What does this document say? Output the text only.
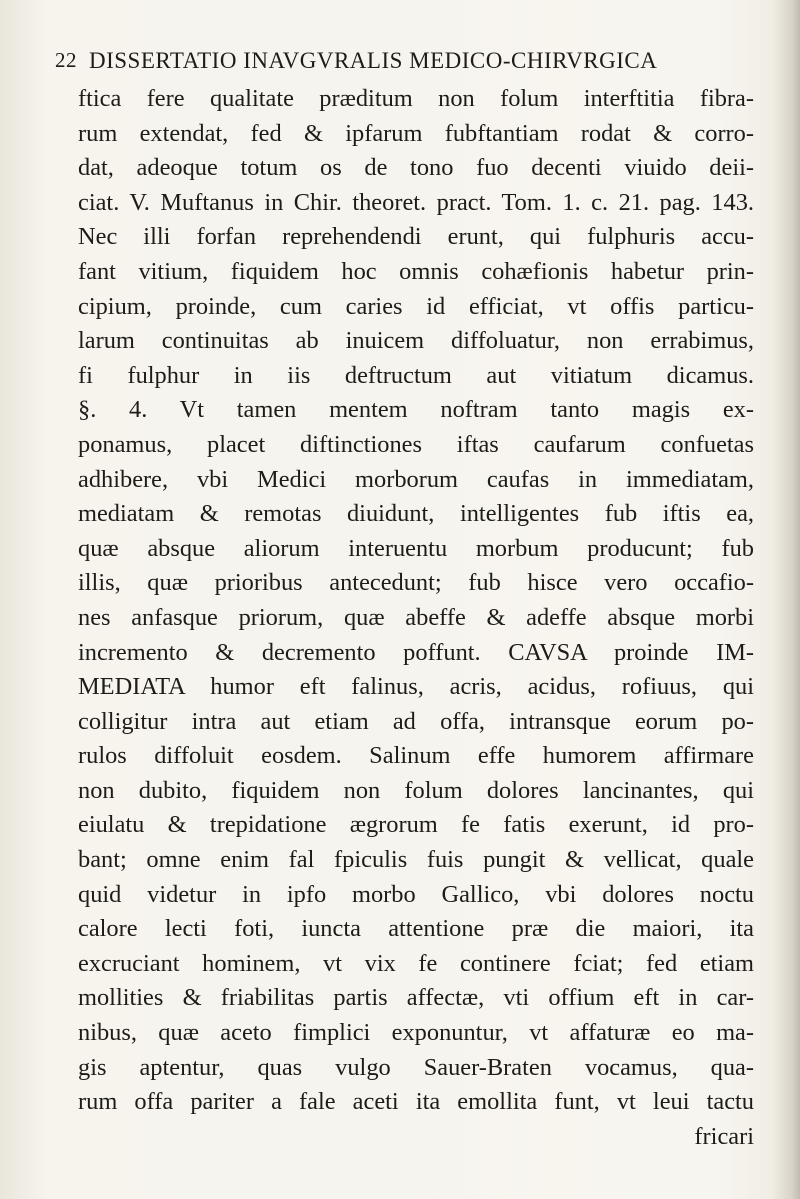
22 DISSERTATIO INAVGVRALIS MEDICO-CHIRVRGICA
ftica fere qualitate præditum non folum interftitia fibra-
rum extendat, fed & ipfarum fubftantiam rodat & corro-
dat, adeoque totum os de tono fuo decenti viuido deii-
ciat. V. Muftanus in Chir. theoret. pract. Tom. 1. c. 21. pag. 143.
Nec illi forfan reprehendendi erunt, qui fulphuris accu-
fant vitium, fiquidem hoc omnis cohæfionis habetur prin-
cipium, proinde, cum caries id efficiat, vt offis particu-
larum continuitas ab inuicem diffoluatur, non errabimus,
fi fulphur in iis deftructum aut vitiatum dicamus.
§. 4. Vt tamen mentem noftram tanto magis ex-
ponamus, placet diftinctiones iftas caufarum confuetas
adhibere, vbi Medici morborum caufas in immediatam,
mediatam & remotas diuidunt, intelligentes fub iftis ea,
quæ absque aliorum interuentu morbum producunt; fub
illis, quæ prioribus antecedunt; fub hisce vero occafio-
nes anfasque priorum, quæ abeffe & adeffe absque morbi
incremento & decremento poffunt. CAVSA proinde IM-
MEDIATA humor eft falinus, acris, acidus, rofiuus, qui
colligitur intra aut etiam ad offa, intransque eorum po-
rulos diffoluit eosdem. Salinum effe humorem affirmare
non dubito, fiquidem non folum dolores lancinantes, qui
eiulatu & trepidatione ægrorum fe fatis exerunt, id pro-
bant; omne enim fal fpiculis fuis pungit & vellicat, quale
quid videtur in ipfo morbo Gallico, vbi dolores noctu
calore lecti foti, iuncta attentione præ die maiori, ita
excruciant hominem, vt vix fe continere fciat; fed etiam
mollities & friabilitas partis affectæ, vti offium eft in car-
nibus, quæ aceto fimplici exponuntur, vt affaturæ eo ma-
gis aptentur, quas vulgo Sauer-Braten vocamus, qua-
rum offa pariter a fale aceti ita emollita funt, vt leui tactu
fricari
